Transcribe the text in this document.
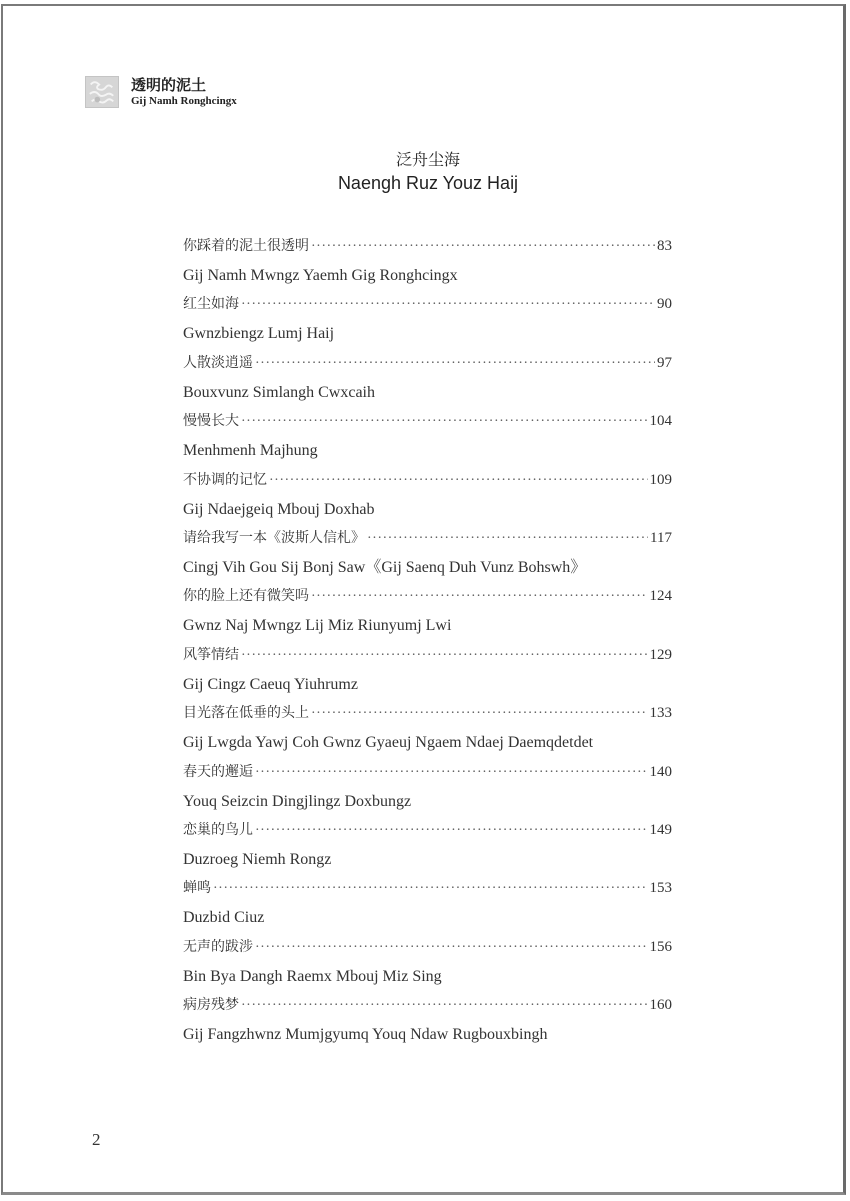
透明的泥土
Gij Namh Ronghcingx
泛舟尘海
Naengh Ruz Youz Haij
你踩着的泥土很透明 ·····	83
Gij Namh Mwngz Yaemh Gig Ronghcingx
红尘如海 ·····	90
Gwnzbiengz Lumj Haij
人散淡逍遥 ·····	97
Bouxvunz Simlangh Cwxcaih
慢慢长大 ·····	104
Menhmenh Majhung
不协调的记忆 ·····	109
Gij Ndaejgeiq Mbouj Doxhab
请给我写一本《波斯人信札》 ·····	117
Cingj Vih Gou Sij Bonj Saw《Gij Saenq Duh Vunz Bohswh》
你的脸上还有微笑吗 ·····	124
Gwnz Naj Mwngz Lij Miz Riunyumj Lwi
风筝情结 ·····	129
Gij Cingz Caeuq Yiuhrumz
目光落在低垂的头上 ·····	133
Gij Lwgda Yawj Coh Gwnz Gyaeuj Ngaem Ndaej Daemqdetdet
春天的邂逅 ·····	140
Youq Seizcin Dingjlingz Doxbungz
恋巢的鸟儿 ·····	149
Duzroeg Niemh Rongz
蝉鸣 ·····	153
Duzbid Ciuz
无声的跋涉 ·····	156
Bin Bya Dangh Raemx Mbouj Miz Sing
病房残梦 ·····	160
Gij Fangzhwnz Mumjgyumq Youq Ndaw Rugbouxbingh
2
